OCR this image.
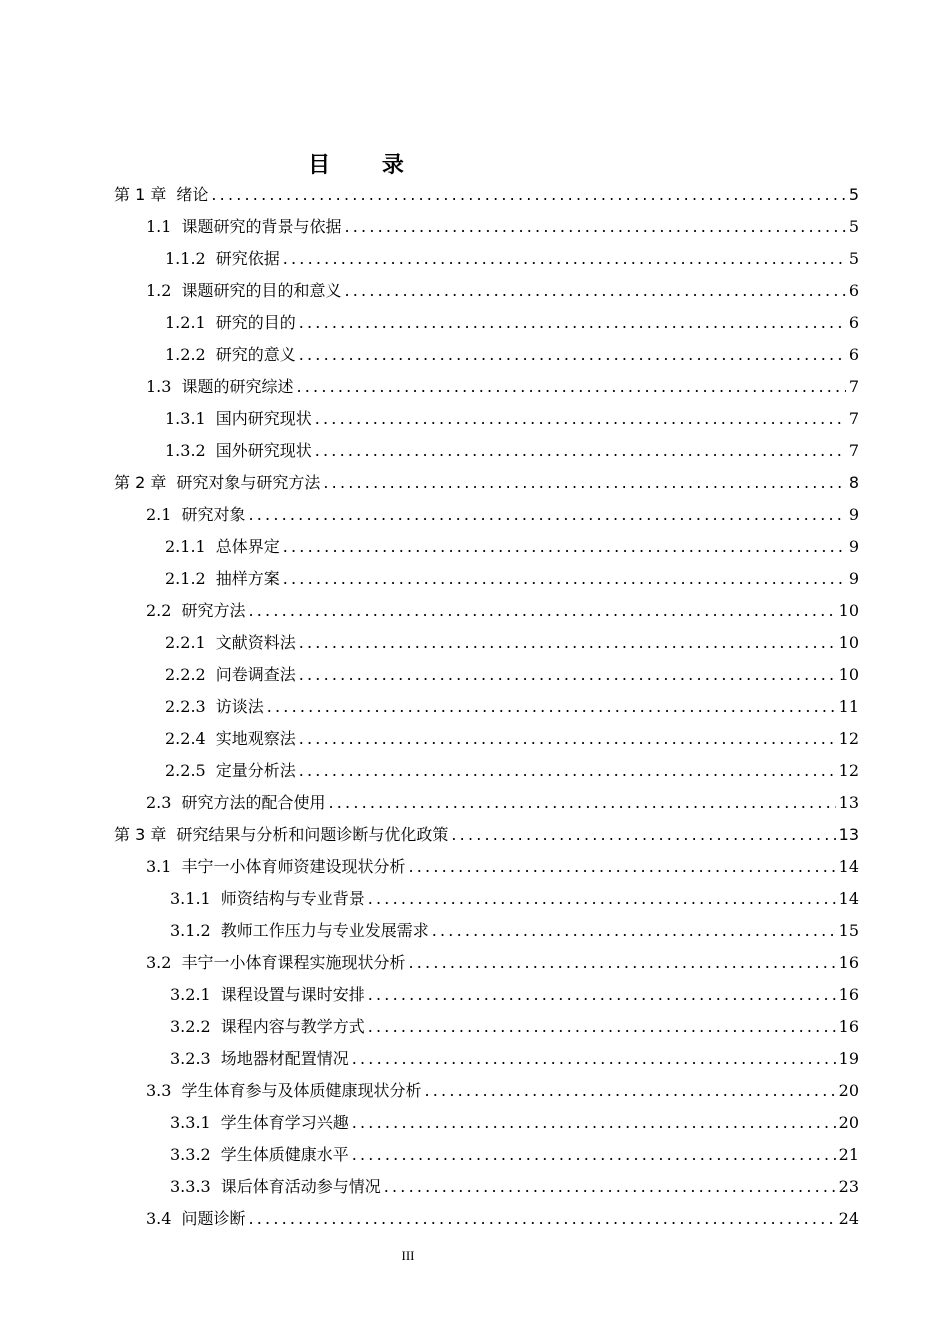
目 录
第 1 章 绪论 .....	5
1.1 课题研究的背景与依据 .....	5
1.1.2 研究依据 .....	5
1.2 课题研究的目的和意义 .....	6
1.2.1 研究的目的 .....	6
1.2.2 研究的意义 .....	6
1.3 课题的研究综述 .....	7
1.3.1 国内研究现状 .....	7
1.3.2 国外研究现状 .....	7
第 2 章 研究对象与研究方法 .....	8
2.1 研究对象 .....	9
2.1.1 总体界定 .....	9
2.1.2 抽样方案 .....	9
2.2 研究方法 .....	10
2.2.1 文献资料法 .....	10
2.2.2 问卷调查法 .....	10
2.2.3 访谈法 .....	11
2.2.4 实地观察法 .....	12
2.2.5 定量分析法 .....	12
2.3 研究方法的配合使用 .....	13
第 3 章 研究结果与分析和问题诊断与优化政策 .....	13
3.1 丰宁一小体育师资建设现状分析 .....	14
3.1.1 师资结构与专业背景 .....	14
3.1.2 教师工作压力与专业发展需求 .....	15
3.2 丰宁一小体育课程实施现状分析 .....	16
3.2.1 课程设置与课时安排 .....	16
3.2.2 课程内容与教学方式 .....	16
3.2.3 场地器材配置情况 .....	19
3.3 学生体育参与及体质健康现状分析 .....	20
3.3.1 学生体育学习兴趣 .....	20
3.3.2 学生体质健康水平 .....	21
3.3.3 课后体育活动参与情况 .....	23
3.4 问题诊断 .....	24
III
